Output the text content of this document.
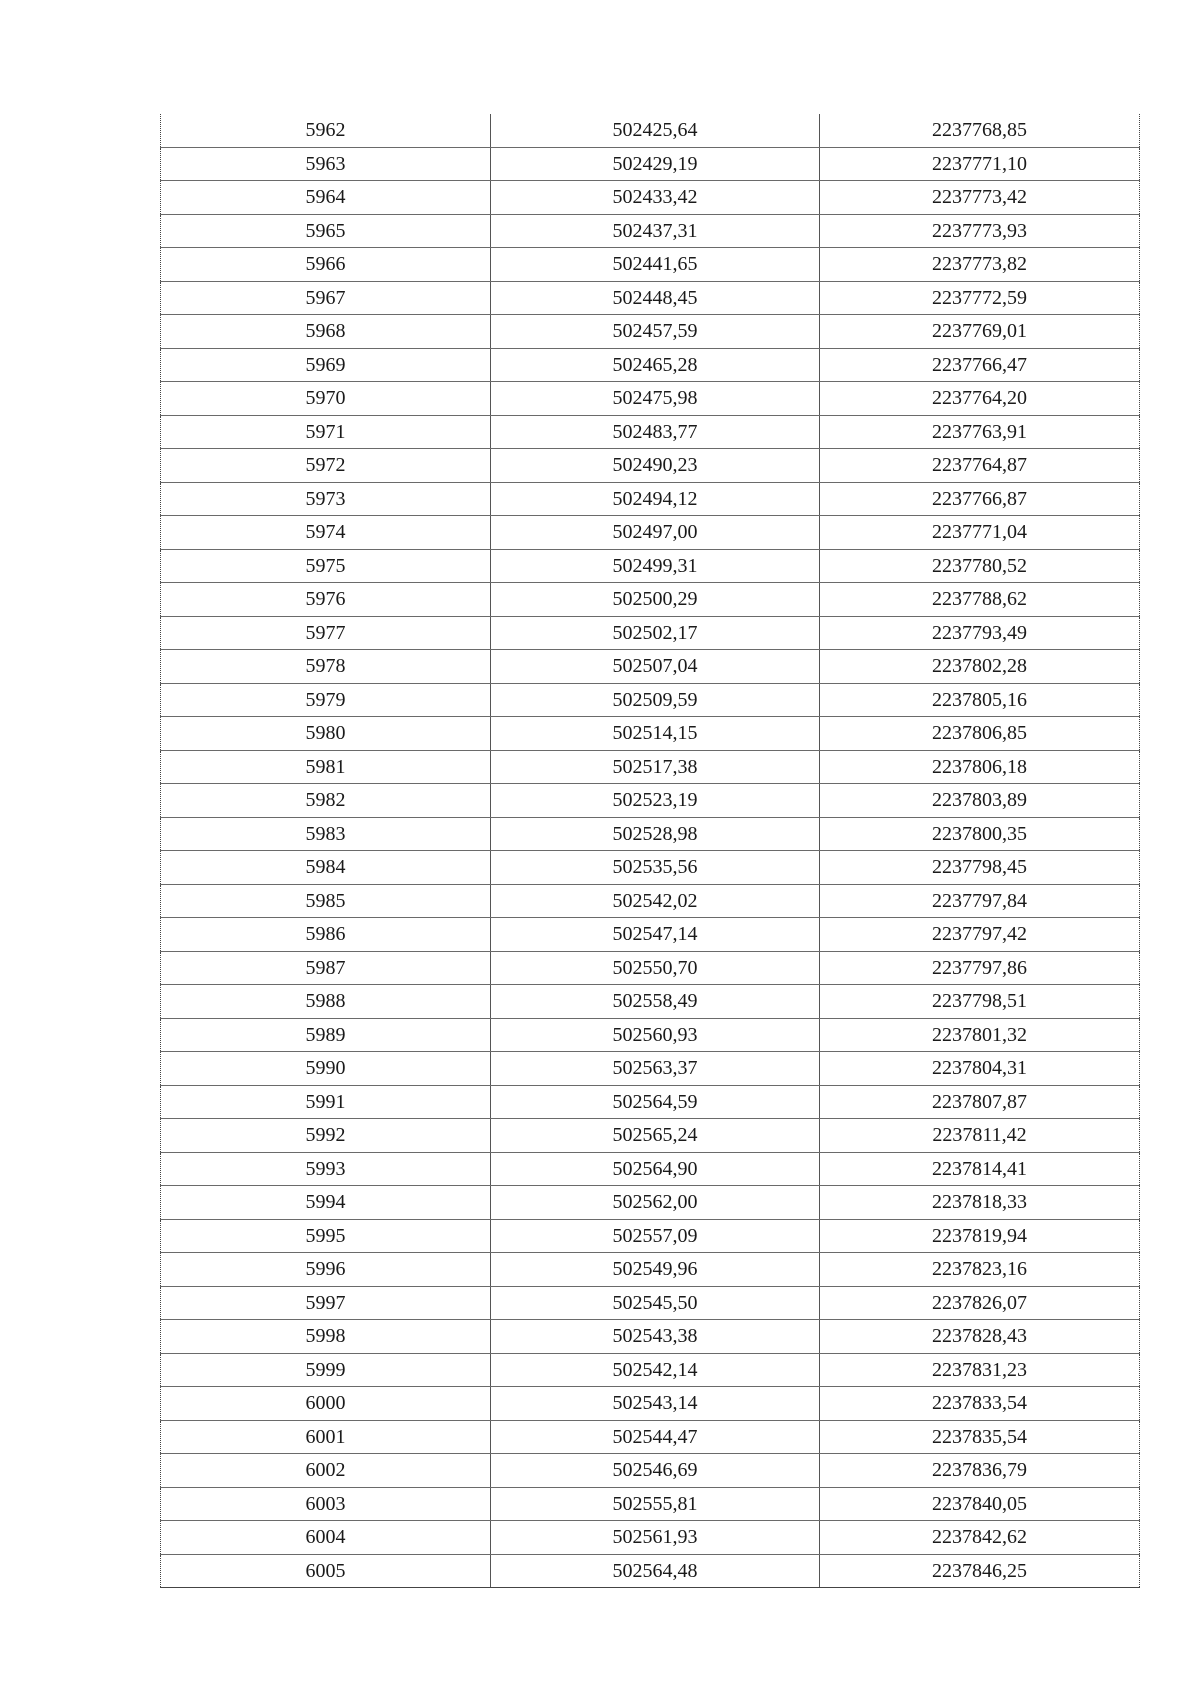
5962	502425,64	2237768,85
5963	502429,19	2237771,10
5964	502433,42	2237773,42
5965	502437,31	2237773,93
5966	502441,65	2237773,82
5967	502448,45	2237772,59
5968	502457,59	2237769,01
5969	502465,28	2237766,47
5970	502475,98	2237764,20
5971	502483,77	2237763,91
5972	502490,23	2237764,87
5973	502494,12	2237766,87
5974	502497,00	2237771,04
5975	502499,31	2237780,52
5976	502500,29	2237788,62
5977	502502,17	2237793,49
5978	502507,04	2237802,28
5979	502509,59	2237805,16
5980	502514,15	2237806,85
5981	502517,38	2237806,18
5982	502523,19	2237803,89
5983	502528,98	2237800,35
5984	502535,56	2237798,45
5985	502542,02	2237797,84
5986	502547,14	2237797,42
5987	502550,70	2237797,86
5988	502558,49	2237798,51
5989	502560,93	2237801,32
5990	502563,37	2237804,31
5991	502564,59	2237807,87
5992	502565,24	2237811,42
5993	502564,90	2237814,41
5994	502562,00	2237818,33
5995	502557,09	2237819,94
5996	502549,96	2237823,16
5997	502545,50	2237826,07
5998	502543,38	2237828,43
5999	502542,14	2237831,23
6000	502543,14	2237833,54
6001	502544,47	2237835,54
6002	502546,69	2237836,79
6003	502555,81	2237840,05
6004	502561,93	2237842,62
6005	502564,48	2237846,25
